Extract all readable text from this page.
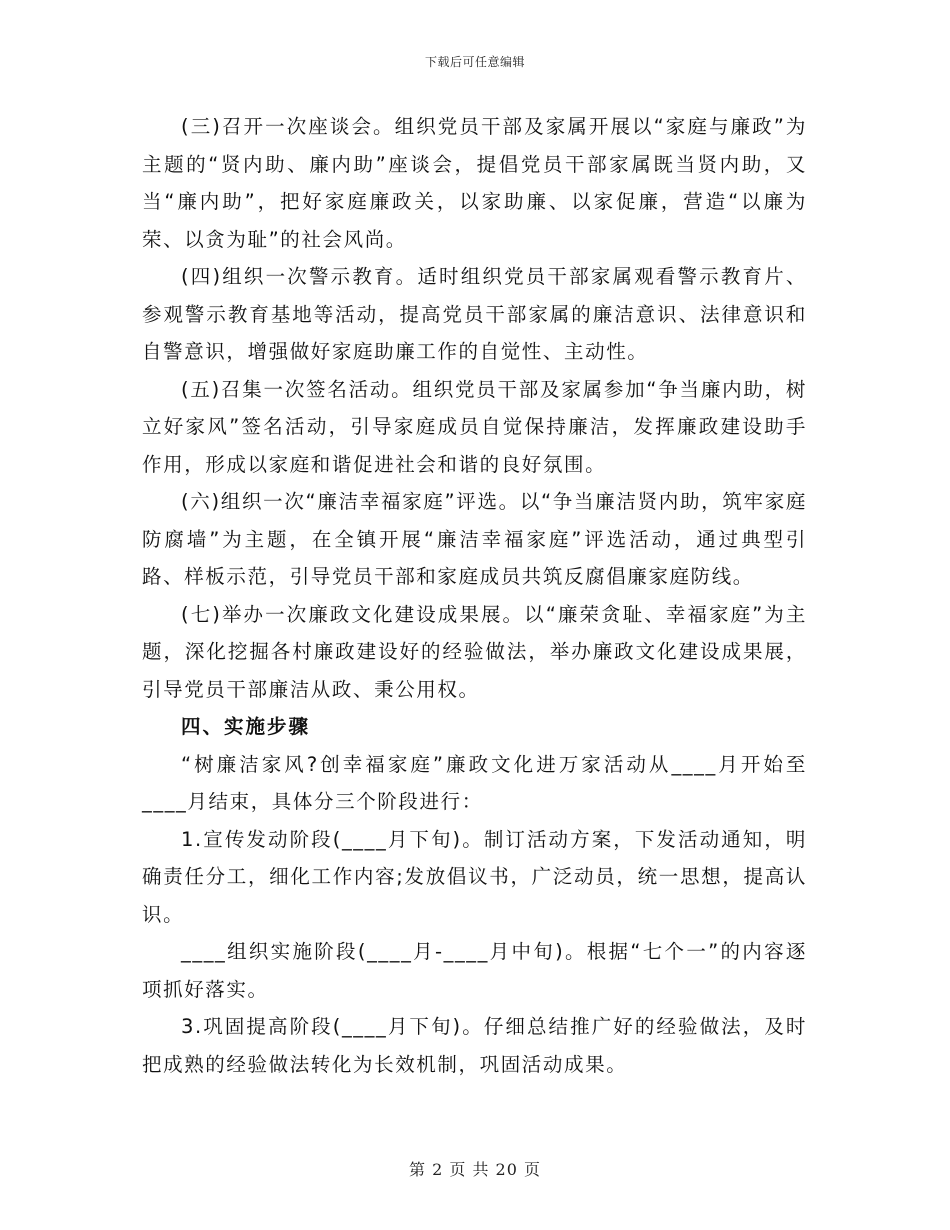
下载后可任意编辑

(三)召开一次座谈会。组织党员干部及家属开展以“家庭与廉政”为主题的“贤内助、廉内助”座谈会，提倡党员干部家属既当贤内助，又当“廉内助”，把好家庭廉政关，以家助廉、以家促廉，营造“以廉为荣、以贪为耻”的社会风尚。

(四)组织一次警示教育。适时组织党员干部家属观看警示教育片、参观警示教育基地等活动，提高党员干部家属的廉洁意识、法律意识和自警意识，增强做好家庭助廉工作的自觉性、主动性。

(五)召集一次签名活动。组织党员干部及家属参加“争当廉内助，树立好家风”签名活动，引导家庭成员自觉保持廉洁，发挥廉政建设助手作用，形成以家庭和谐促进社会和谐的良好氛围。

(六)组织一次“廉洁幸福家庭”评选。以“争当廉洁贤内助，筑牢家庭防腐墙”为主题，在全镇开展“廉洁幸福家庭”评选活动，通过典型引路、样板示范，引导党员干部和家庭成员共筑反腐倡廉家庭防线。

(七)举办一次廉政文化建设成果展。以“廉荣贪耻、幸福家庭”为主题，深化挖掘各村廉政建设好的经验做法，举办廉政文化建设成果展，引导党员干部廉洁从政、秉公用权。

四、实施步骤

“树廉洁家风?创幸福家庭”廉政文化进万家活动从____月开始至____月结束，具体分三个阶段进行：

1.宣传发动阶段(____月下旬)。制订活动方案，下发活动通知，明确责任分工，细化工作内容;发放倡议书，广泛动员，统一思想，提高认识。

____组织实施阶段(____月-____月中旬)。根据“七个一”的内容逐项抓好落实。

3.巩固提高阶段(____月下旬)。仔细总结推广好的经验做法，及时把成熟的经验做法转化为长效机制，巩固活动成果。

第 2 页 共 20 页
